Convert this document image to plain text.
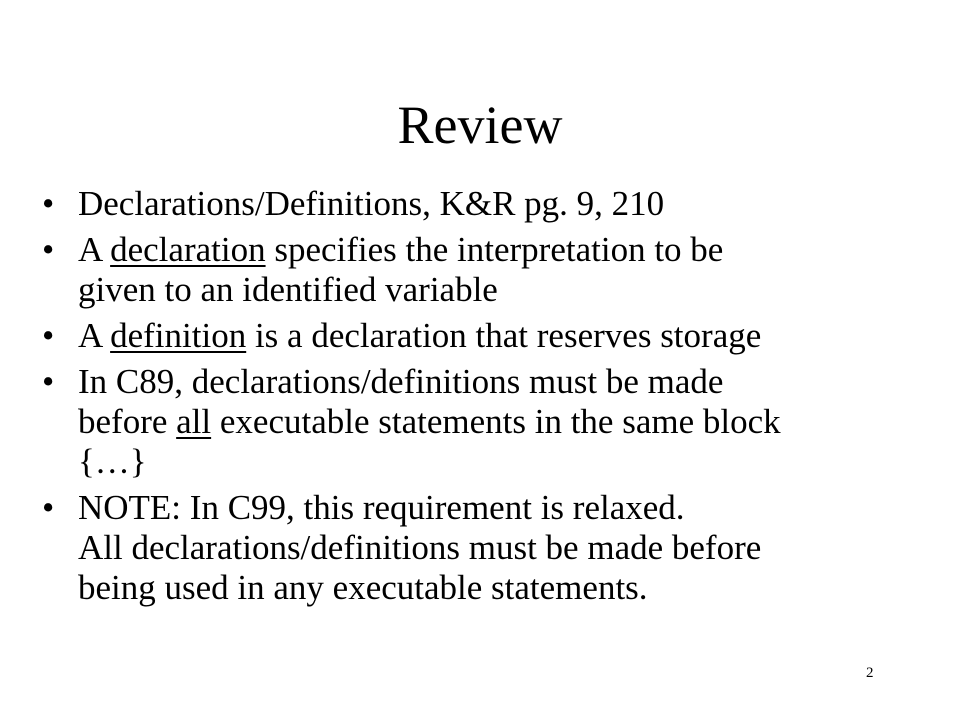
Review
• Declarations/Definitions, K&R pg. 9, 210
• A declaration specifies the interpretation to be
given to an identified variable
• A definition is a declaration that reserves storage
• In C89, declarations/definitions must be made
before all executable statements in the same block
{…}
• NOTE: In C99, this requirement is relaxed.
All declarations/definitions must be made before
being used in any executable statements.
2
